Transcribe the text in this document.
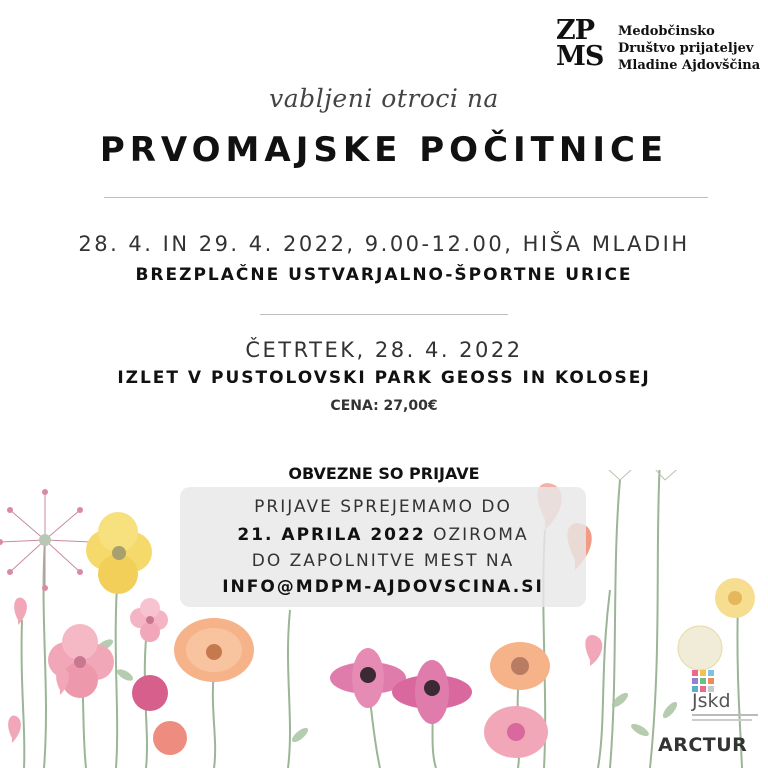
ZP
MS
Medobčinsko
Društvo prijateljev
Mladine Ajdovščina
vabljeni otroci na
PRVOMAJSKE POČITNICE
28. 4. IN 29. 4. 2022, 9.00-12.00, HIŠA MLADIH
BREZPLAČNE USTVARJALNO-ŠPORTNE URICE
ČETRTEK, 28. 4. 2022
IZLET V PUSTOLOVSKI PARK GEOSS IN KOLOSEJ
CENA: 27,00€
OBVEZNE SO PRIJAVE
PRIJAVE SPREJEMAMO DO
21. APRILA 2022 OZIROMA
DO ZAPOLNITVE MEST NA
INFO@MDPM-AJDOVSCINA.SI
Jskd
ARCTUR
